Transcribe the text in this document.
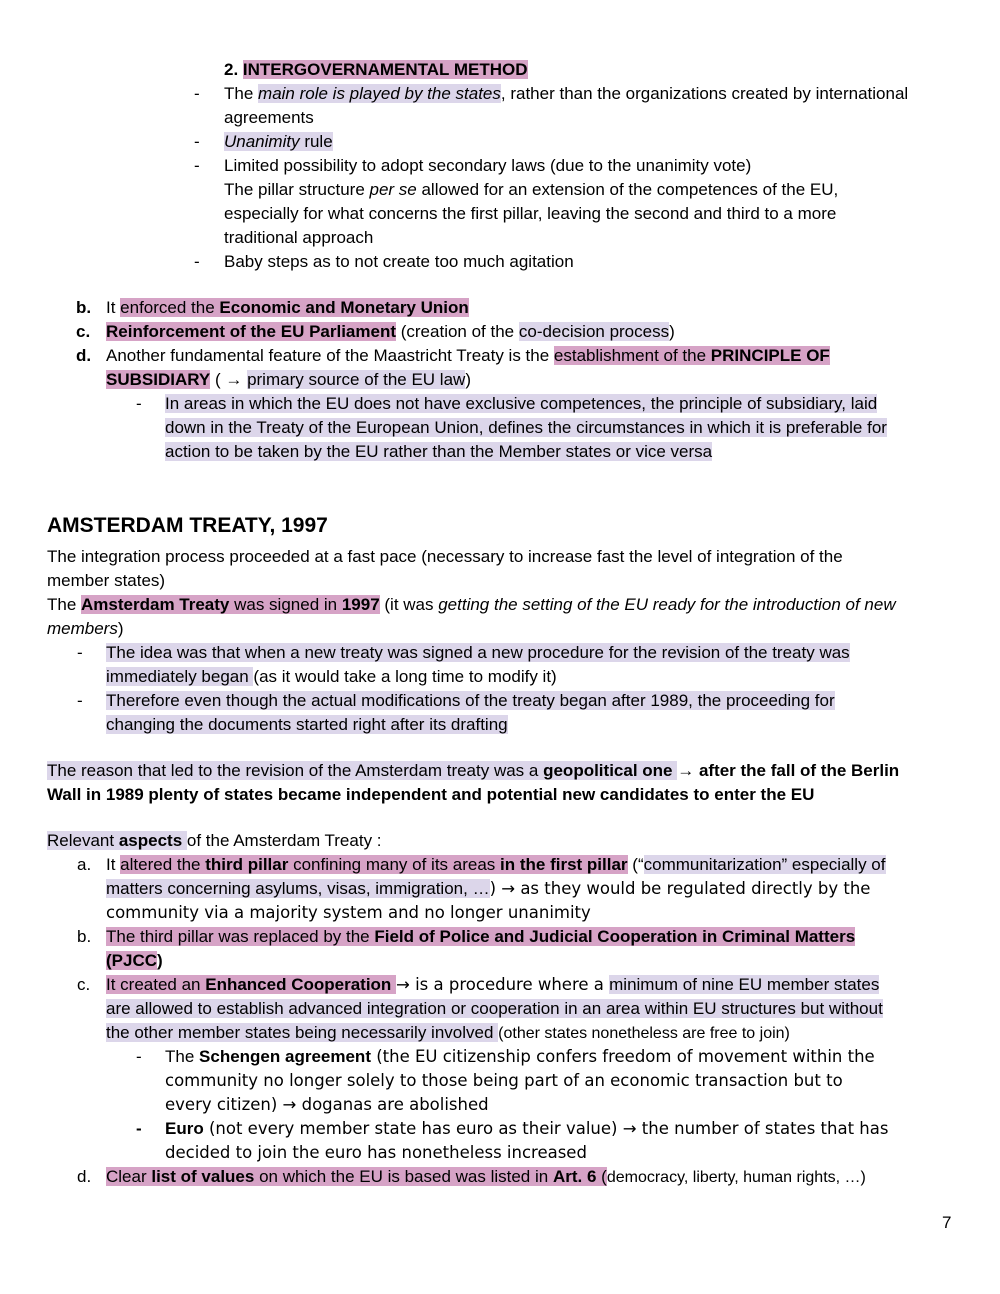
2. INTERGOVERNAMENTAL METHOD
- The main role is played by the states, rather than the organizations created by international
agreements
- Unanimity rule
- Limited possibility to adopt secondary laws (due to the unanimity vote)
The pillar structure per se allowed for an extension of the competences of the EU,
especially for what concerns the first pillar, leaving the second and third to a more
traditional approach
- Baby steps as to not create too much agitation
b. It enforced the Economic and Monetary Union
c. Reinforcement of the EU Parliament (creation of the co-decision process)
d. Another fundamental feature of the Maastricht Treaty is the establishment of the PRINCIPLE OF
SUBSIDIARY ( → primary source of the EU law)
- In areas in which the EU does not have exclusive competences, the principle of subsidiary, laid
down in the Treaty of the European Union, defines the circumstances in which it is preferable for
action to be taken by the EU rather than the Member states or vice versa
AMSTERDAM TREATY, 1997
The integration process proceeded at a fast pace (necessary to increase fast the level of integration of the
member states)
The Amsterdam Treaty was signed in 1997 (it was getting the setting of the EU ready for the introduction of new
members)
- The idea was that when a new treaty was signed a new procedure for the revision of the treaty was
immediately began (as it would take a long time to modify it)
- Therefore even though the actual modifications of the treaty began after 1989, the proceeding for
changing the documents started right after its drafting
The reason that led to the revision of the Amsterdam treaty was a geopolitical one → after the fall of the Berlin
Wall in 1989 plenty of states became independent and potential new candidates to enter the EU
Relevant aspects of the Amsterdam Treaty :
a. It altered the third pillar confining many of its areas in the first pillar (“communitarization” especially of
matters concerning asylums, visas, immigration, …) → as they would be regulated directly by the
community via a majority system and no longer unanimity
b. The third pillar was replaced by the Field of Police and Judicial Cooperation in Criminal Matters
(PJCC)
c. It created an Enhanced Cooperation → is a procedure where a minimum of nine EU member states
are allowed to establish advanced integration or cooperation in an area within EU structures but without
the other member states being necessarily involved (other states nonetheless are free to join)
- The Schengen agreement (the EU citizenship confers freedom of movement within the
community no longer solely to those being part of an economic transaction but to
every citizen) → doganas are abolished
- Euro (not every member state has euro as their value) → the number of states that has
decided to join the euro has nonetheless increased
d. Clear list of values on which the EU is based was listed in Art. 6 (democracy, liberty, human rights, …)
7
